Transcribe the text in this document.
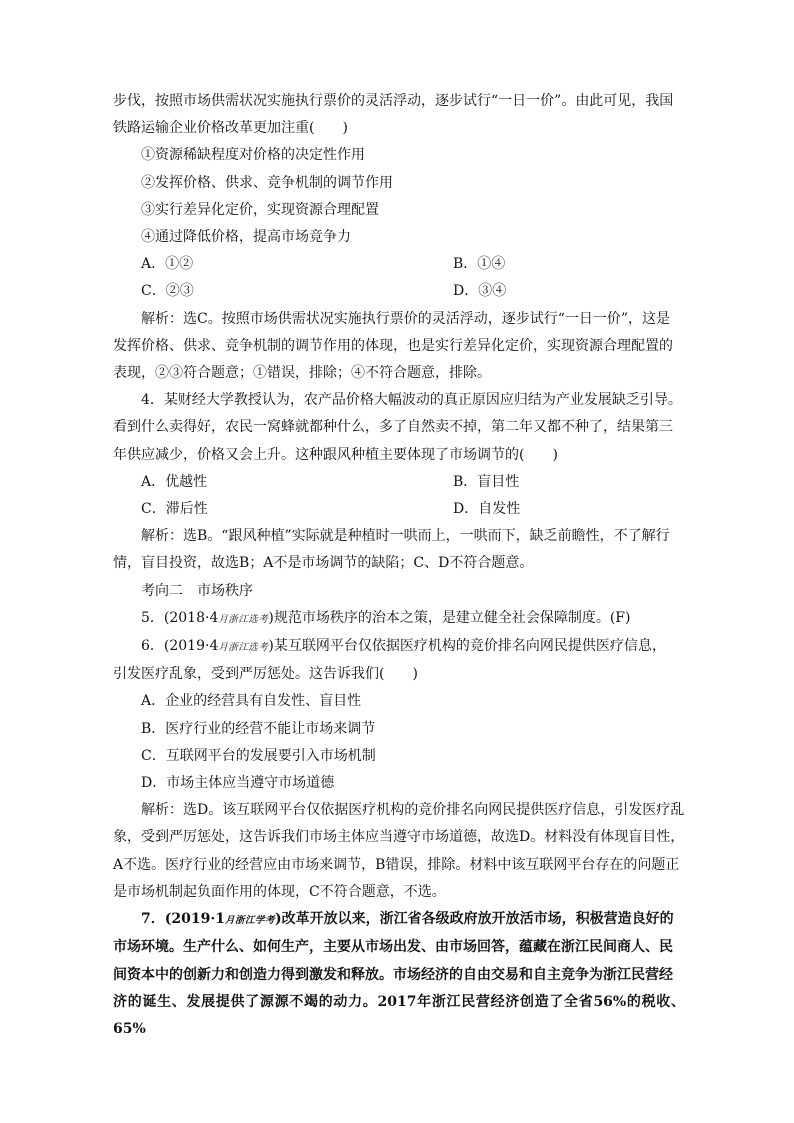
步伐，按照市场供需状况实施执行票价的灵活浮动，逐步试行“一日一价”。由此可见，我国

铁路运输企业价格改革更加注重(　　)

①资源稀缺程度对价格的决定性作用

②发挥价格、供求、竞争机制的调节作用

③实行差异化定价，实现资源合理配置

④通过降低价格，提高市场竞争力

A．①②	B．①④
C．②③	D．③④

解析：选C。按照市场供需状况实施执行票价的灵活浮动，逐步试行“一日一价”，这是

发挥价格、供求、竞争机制的调节作用的体现，也是实行差异化定价，实现资源合理配置的

表现，②③符合题意；①错误，排除；④不符合题意，排除。

4．某财经大学教授认为，农产品价格大幅波动的真正原因应归结为产业发展缺乏引导。

看到什么卖得好，农民一窝蜂就都种什么，多了自然卖不掉，第二年又都不种了，结果第三

年供应减少，价格又会上升。这种跟风种植主要体现了市场调节的(　　)

A．优越性	B．盲目性
C．滞后性	D．自发性

解析：选B。“跟风种植”实际就是种植时一哄而上，一哄而下，缺乏前瞻性，不了解行

情，盲目投资，故选B；A不是市场调节的缺陷；C、D不符合题意。

考向二　市场秩序

5．(2018·4月浙江选考)规范市场秩序的治本之策，是建立健全社会保障制度。(F)

6．(2019·4月浙江选考)某互联网平台仅依据医疗机构的竞价排名向网民提供医疗信息，

引发医疗乱象，受到严厉惩处。这告诉我们(　　)

A．企业的经营具有自发性、盲目性

B．医疗行业的经营不能让市场来调节

C．互联网平台的发展要引入市场机制

D．市场主体应当遵守市场道德

解析：选D。该互联网平台仅依据医疗机构的竞价排名向网民提供医疗信息，引发医疗乱

象，受到严厉惩处，这告诉我们市场主体应当遵守市场道德，故选D。材料没有体现盲目性，

A不选。医疗行业的经营应由市场来调节，B错误，排除。材料中该互联网平台存在的问题正

是市场机制起负面作用的体现，C不符合题意，不选。

7．(2019·1月浙江学考)改革开放以来，浙江省各级政府放开放活市场，积极营造良好的

市场环境。生产什么、如何生产，主要从市场出发、由市场回答，蕴藏在浙江民间商人、民

间资本中的创新力和创造力得到激发和释放。市场经济的自由交易和自主竞争为浙江民营经

济的诞生、发展提供了源源不竭的动力。2017年浙江民营经济创造了全省56%的税收、65%
